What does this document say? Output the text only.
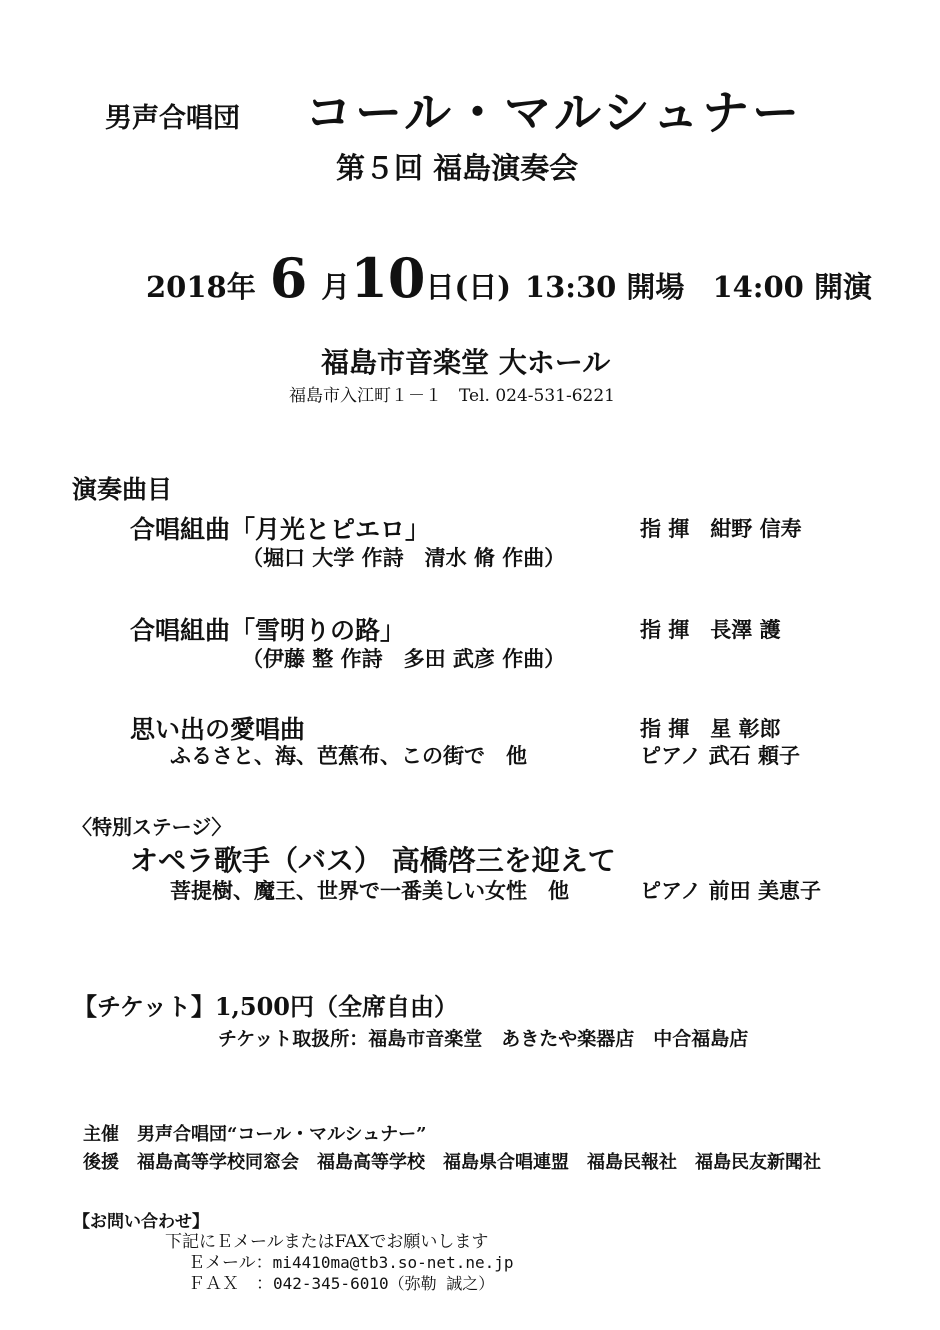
男声合唱団 コール・マルシュナー
第５回 福島演奏会
2018年 6 月10日(日) 13:30 開場 14:00 開演
福島市音楽堂 大ホール
福島市入江町１－１　Tel. 024-531-6221
演奏曲目
合唱組曲「月光とピエロ」
（堀口 大学 作詩　清水 脩 作曲）
指 揮　紺野 信寿
合唱組曲「雪明りの路」
（伊藤 整 作詩　多田 武彦 作曲）
指 揮　長澤 護
思い出の愛唱曲
ふるさと、海、芭蕉布、この街で　他
指 揮　星 彰郎
ピアノ 武石 頼子
〈特別ステージ〉
オペラ歌手（バス） 高橋啓三を迎えて
菩提樹、魔王、世界で一番美しい女性　他	ピアノ 前田 美恵子
【チケット】1,500円（全席自由）
チケット取扱所：福島市音楽堂　あきたや楽器店　中合福島店
主催　男声合唱団“コール・マルシュナー”
後援　福島高等学校同窓会　福島高等学校　福島県合唱連盟　福島民報社　福島民友新聞社
【お問い合わせ】
下記にＥメールまたはFAXでお願いします
Ｅメール：mi4410ma@tb3.so-net.ne.jp
ＦＡＸ　：042-345-6010（弥勒 誠之）
